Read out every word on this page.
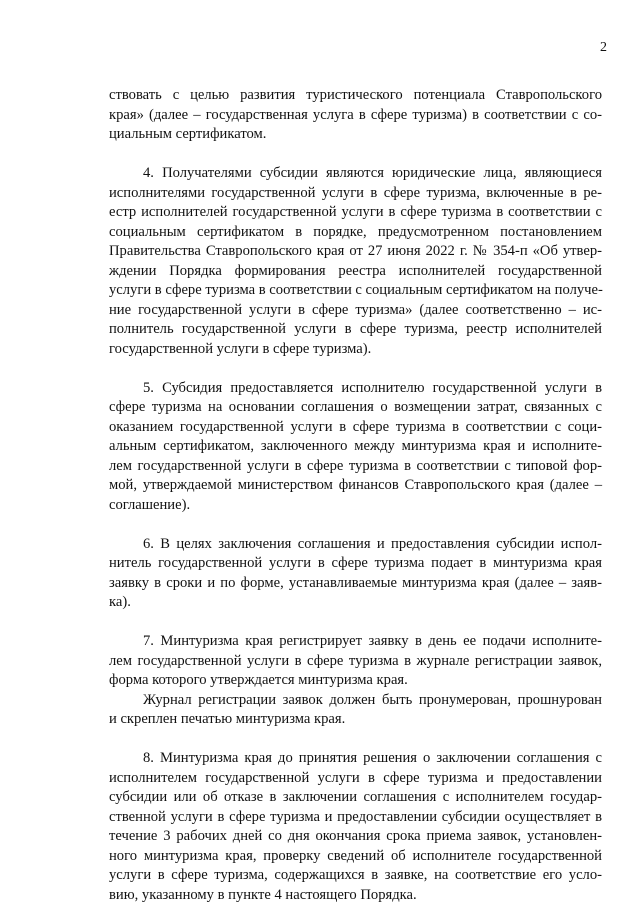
2
ствовать с целью развития туристического потенциала Ставропольского
края» (далее – государственная услуга в сфере туризма) в соответствии с со-
циальным сертификатом.
4. Получателями субсидии являются юридические лица, являющиеся
исполнителями государственной услуги в сфере туризма, включенные в ре-
естр исполнителей государственной услуги в сфере туризма в соответствии с
социальным сертификатом в порядке, предусмотренном постановлением
Правительства Ставропольского края от 27 июня 2022 г. № 354-п «Об утвер-
ждении Порядка формирования реестра исполнителей государственной
услуги в сфере туризма в соответствии с социальным сертификатом на получе-
ние государственной услуги в сфере туризма» (далее соответственно – ис-
полнитель государственной услуги в сфере туризма, реестр исполнителей
государственной услуги в сфере туризма).
5. Субсидия предоставляется исполнителю государственной услуги в
сфере туризма на основании соглашения о возмещении затрат, связанных с
оказанием государственной услуги в сфере туризма в соответствии с соци-
альным сертификатом, заключенного между минтуризма края и исполните-
лем государственной услуги в сфере туризма в соответствии с типовой фор-
мой, утверждаемой министерством финансов Ставропольского края (далее –
соглашение).
6. В целях заключения соглашения и предоставления субсидии испол-
нитель государственной услуги в сфере туризма подает в минтуризма края
заявку в сроки и по форме, устанавливаемые минтуризма края (далее – заяв-
ка).
7. Минтуризма края регистрирует заявку в день ее подачи исполните-
лем государственной услуги в сфере туризма в журнале регистрации заявок,
форма которого утверждается минтуризма края.
Журнал регистрации заявок должен быть пронумерован, прошнурован
и скреплен печатью минтуризма края.
8. Минтуризма края до принятия решения о заключении соглашения с
исполнителем государственной услуги в сфере туризма и предоставлении
субсидии или об отказе в заключении соглашения с исполнителем государ-
ственной услуги в сфере туризма и предоставлении субсидии осуществляет в
течение 3 рабочих дней со дня окончания срока приема заявок, установлен-
ного минтуризма края, проверку сведений об исполнителе государственной
услуги в сфере туризма, содержащихся в заявке, на соответствие его усло-
вию, указанному в пункте 4 настоящего Порядка.
